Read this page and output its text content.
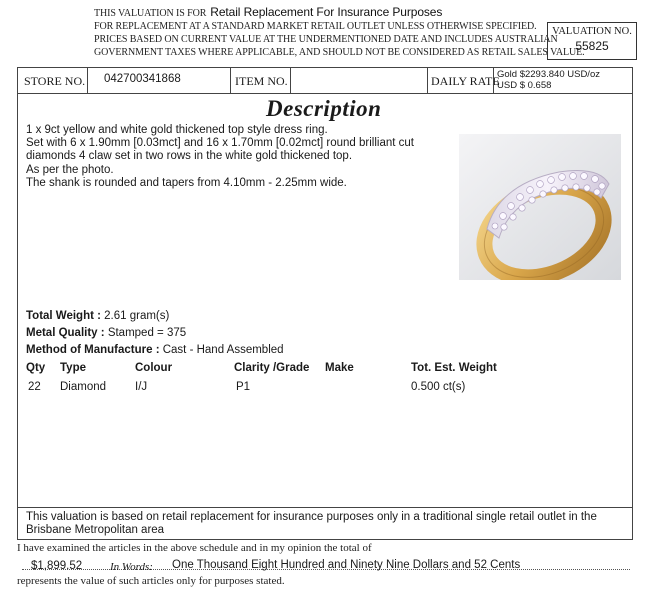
THIS VALUATION IS FOR Retail Replacement For Insurance Purposes
FOR REPLACEMENT AT A STANDARD MARKET RETAIL OUTLET UNLESS OTHERWISE SPECIFIED.
PRICES BASED ON CURRENT VALUE AT THE UNDERMENTIONED DATE AND INCLUDES AUSTRALIAN
GOVERNMENT TAXES WHERE APPLICABLE, AND SHOULD NOT BE CONSIDERED AS RETAIL SALES VALUE.
VALUATION NO.
55825
STORE NO. 042700341868	ITEM NO.	DAILY RATE
Gold $2293.840 USD/oz
USD $ 0.658
Description
1 x 9ct yellow and white gold thickened top style dress ring.
Set with 6 x 1.90mm [0.03mct] and 16 x 1.70mm [0.02mct] round brilliant cut
diamonds 4 claw set in two rows in the white gold thickened top.
As per the photo.
The shank is rounded and tapers from 4.10mm - 2.25mm wide.
Total Weight : 2.61 gram(s)
Metal Quality : Stamped = 375
Method of Manufacture : Cast - Hand Assembled
Qty Type	Colour	Clarity /Grade Make	Tot. Est. Weight
22 Diamond	I/J	P1	0.500 ct(s)
This valuation is based on retail replacement for insurance purposes only in a traditional single retail outlet in the Brisbane Metropolitan area
I have examined the articles in the above schedule and in my opinion the total of
$1,899.52	In Words: One Thousand Eight Hundred and Ninety Nine Dollars and 52 Cents
represents the value of such articles only for purposes stated.
